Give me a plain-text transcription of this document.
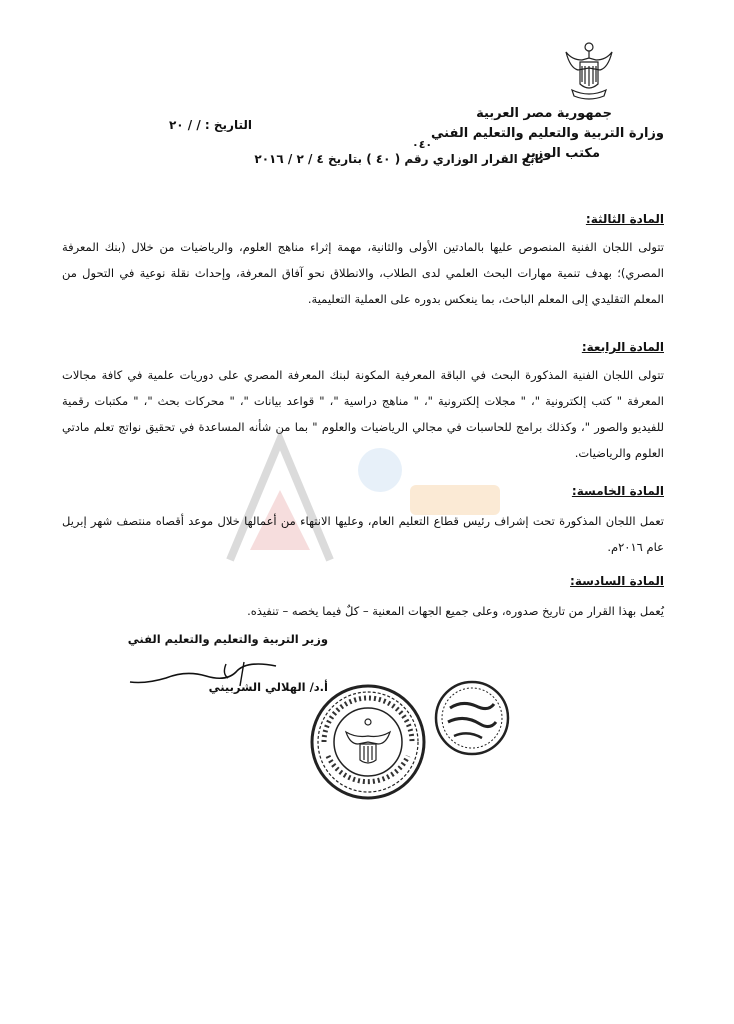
جمهورية مصر العربية
وزارة التربية والتعليم والتعليم الفني
مكتب الوزير
التاريخ : / / ٢٠
٠٤٠
تابع القرار الوزاري رقم ( ٤٠ ) بتاريخ ٤ / ٢ / ٢٠١٦
المادة الثالثة:
تتولى اللجان الفنية المنصوص عليها بالمادتين الأولى والثانية، مهمة إثراء مناهج العلوم، والرياضيات من خلال (بنك المعرفة المصري)؛ بهدف تنمية مهارات البحث العلمي لدى الطلاب، والانطلاق نحو آفاق المعرفة، وإحداث نقلة نوعية في التحول من المعلم التقليدي إلى المعلم الباحث، بما ينعكس بدوره على العملية التعليمية.
المادة الرابعة:
تتولى اللجان الفنية المذكورة البحث في الباقة المعرفية المكونة لبنك المعرفة المصري على دوريات علمية في كافة مجالات المعرفة " كتب إلكترونية "، " مجلات إلكترونية "، " مناهج دراسية "، " قواعد بيانات "، " محركات بحث "، " مكتبات رقمية للفيديو والصور "، وكذلك برامج للحاسبات في مجالي الرياضيات والعلوم " بما من شأنه المساعدة في تحقيق نواتج تعلم مادتي العلوم والرياضيات.
المادة الخامسة:
تعمل اللجان المذكورة تحت إشراف رئيس قطاع التعليم العام، وعليها الانتهاء من أعمالها خلال موعد أقصاه منتصف شهر إبريل عام ٢٠١٦م.
المادة السادسة:
يُعمل بهذا القرار من تاريخ صدوره، وعلى جميع الجهات المعنية – كلٌ فيما يخصه – تنفيذه.
وزير التربية والتعليم والتعليم الفني
أ.د/ الهلالي الشربيني
